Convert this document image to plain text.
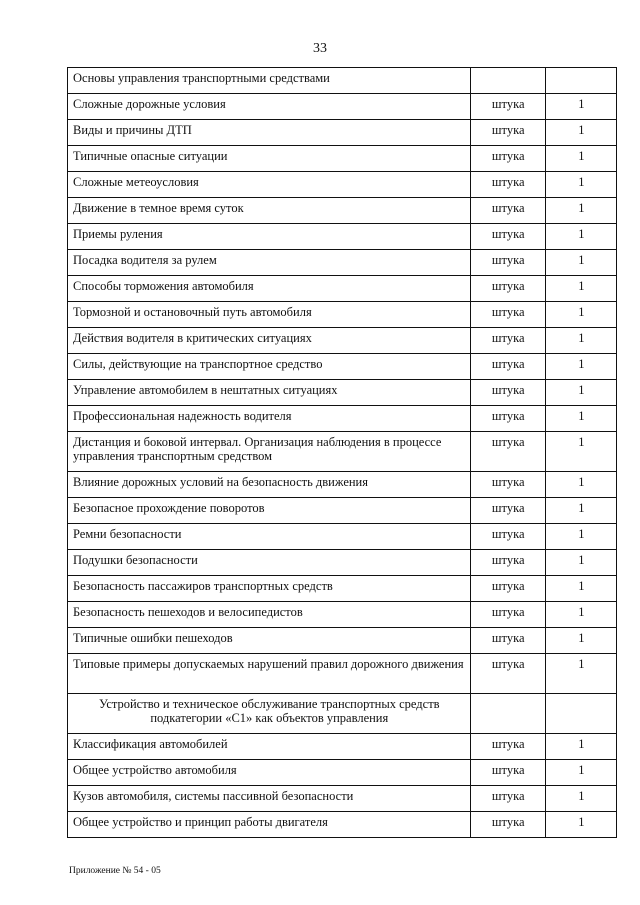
33
Основы управления транспортными средствами		
Сложные дорожные условия	штука	1
Виды и причины ДТП	штука	1
Типичные опасные ситуации	штука	1
Сложные метеоусловия	штука	1
Движение в темное время суток	штука	1
Приемы руления	штука	1
Посадка водителя за рулем	штука	1
Способы торможения автомобиля	штука	1
Тормозной и остановочный путь автомобиля	штука	1
Действия водителя в критических ситуациях	штука	1
Силы, действующие на транспортное средство	штука	1
Управление автомобилем в нештатных ситуациях	штука	1
Профессиональная надежность водителя	штука	1
Дистанция и боковой интервал. Организация наблюдения в процессе управления транспортным средством	штука	1
Влияние дорожных условий на безопасность движения	штука	1
Безопасное прохождение поворотов	штука	1
Ремни безопасности	штука	1
Подушки безопасности	штука	1
Безопасность пассажиров транспортных средств	штука	1
Безопасность пешеходов и велосипедистов	штука	1
Типичные ошибки пешеходов	штука	1
Типовые примеры допускаемых нарушений правил дорожного движения	штука	1
Устройство и техническое обслуживание транспортных средств подкатегории «С1» как объектов управления		
Классификация автомобилей	штука	1
Общее устройство автомобиля	штука	1
Кузов автомобиля, системы пассивной безопасности	штука	1
Общее устройство и принцип работы двигателя	штука	1
Приложение № 54 - 05
